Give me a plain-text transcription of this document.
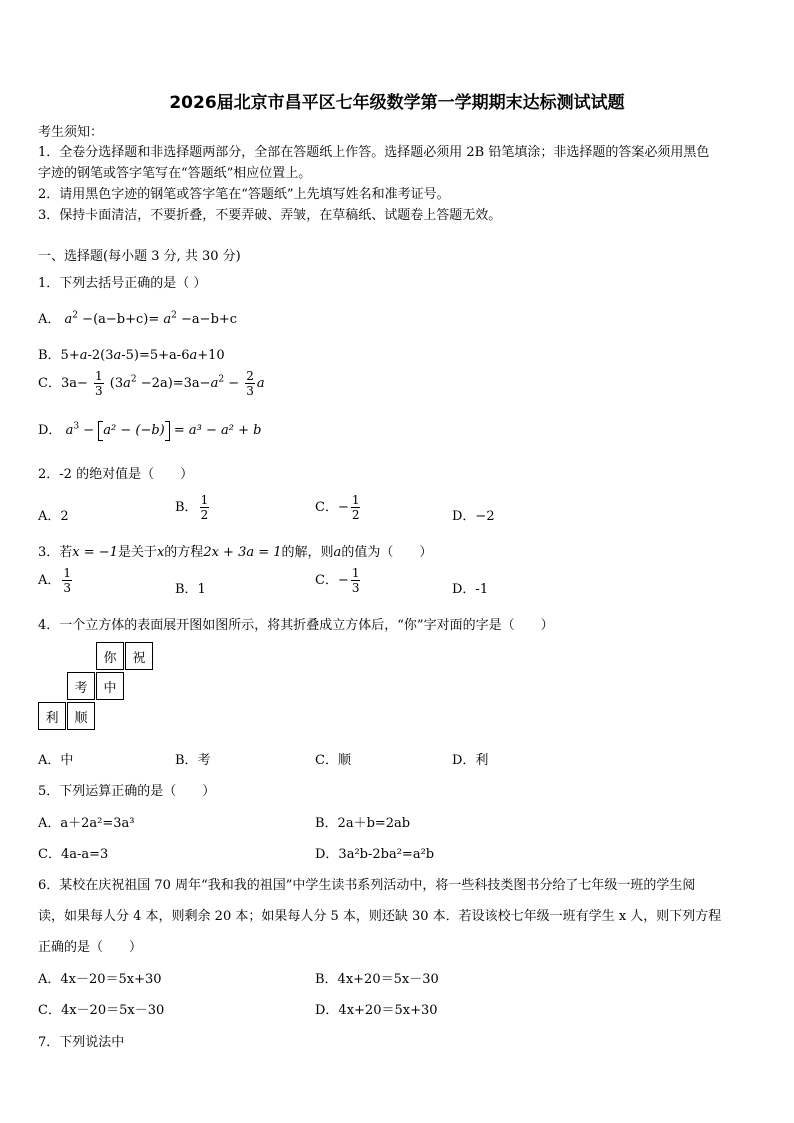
2026届北京市昌平区七年级数学第一学期期末达标测试试题
考生须知：
1．全卷分选择题和非选择题两部分，全部在答题纸上作答。选择题必须用 2B 铅笔填涂；非选择题的答案必须用黑色
字迹的钢笔或答字笔写在“答题纸”相应位置上。
2．请用黑色字迹的钢笔或答字笔在“答题纸”上先填写姓名和准考证号。
3．保持卡面清洁，不要折叠，不要弄破、弄皱，在草稿纸、试题卷上答题无效。
一、选择题(每小题 3 分, 共 30 分)
1．下列去括号正确的是（ ）
A． $a^2 -(a-b+c)= a^2 -a-b+c$
B．5+a-2(3a-5)=5+a-6a+10
C．$3a- \frac{1}{3} (3a^2 -2a)=3a-a^2 - \frac{2}{3}$ a
D． $a^3 - a^2 - (-b) = a^3 - a^2 + b$
2．-2 的绝对值是（　　）
A．2
B． $\frac{1}{2}$	C．− $\frac{1}{2}$	D．−2
3．若x = −1是关于x的方程2x + 3a = 1的解，则a的值为（　　）
A． $\frac{1}{3}$	B．1
C．− $\frac{1}{3}$	D．-1
4．一个立方体的表面展开图如图所示，将其折叠成立方体后，“你”字对面的字是（　　）
你	祝
考	中
利	顺
A．中	B．考	C．顺	D．利
5．下列运算正确的是（　　）
A．a＋2a²=3a³	B．2a＋b=2ab
C．4a-a=3	D．3a²b-2ba²=a²b
6．某校在庆祝祖国 70 周年“我和我的祖国”中学生读书系列活动中，将一些科技类图书分给了七年级一班的学生阅
读，如果每人分 4 本，则剩余 20 本；如果每人分 5 本，则还缺 30 本．若设该校七年级一班有学生 x 人，则下列方程
正确的是（　　）
A．4x－20＝5x+30	B．4x+20＝5x－30
C．4x－20＝5x－30	D．4x+20＝5x+30
7．下列说法中
